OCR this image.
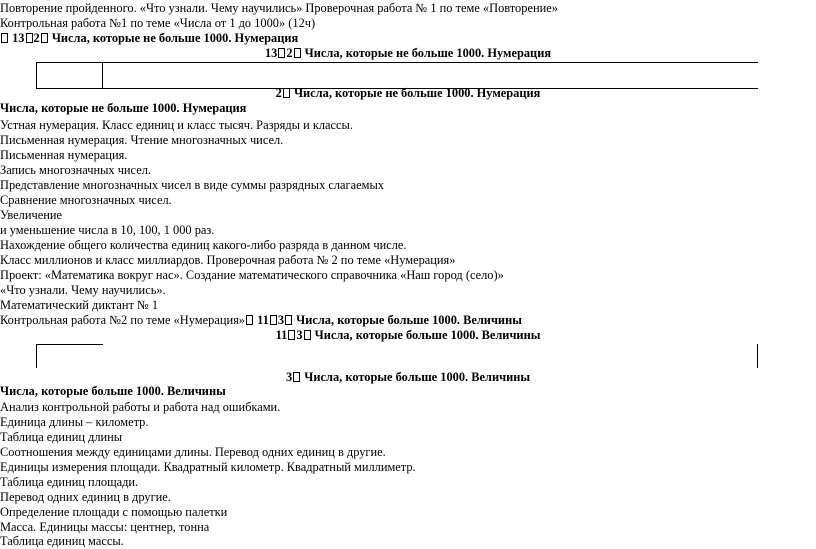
Повторение пройденного. «Что узнали. Чему научились» Проверочная работа № 1 по теме «Повторение»
Контрольная работа №1 по теме «Числа от 1 до 1000» (12ч)
13 2 Числа, которые не больше 1000. Нумерация
13 2 Числа, которые не больше 1000. Нумерация
2 Числа, которые не больше 1000. Нумерация
Числа, которые не больше 1000. Нумерация
Устная нумерация. Класс единиц и класс тысяч. Разряды и классы.
Письменная нумерация. Чтение многозначных чисел.
Письменная нумерация.
Запись многозначных чисел.
Представление многозначных чисел в виде суммы разрядных слагаемых
Сравнение многозначных чисел.
Увеличение
и уменьшение числа в 10, 100, 1 000 раз.
Нахождение общего количества единиц какого-либо разряда в данном числе.
Класс миллионов и класс миллиардов. Проверочная работа № 2 по теме «Нумерация»
Проект: «Математика вокруг нас». Создание математического справочника «Наш город (село)»
«Что узнали. Чему научились».
Математический диктант № 1
Контрольная работа №2 по теме «Нумерация» 11 3 Числа, которые больше 1000. Величины
11 3 Числа, которые больше 1000. Величины
3 Числа, которые больше 1000. Величины
Числа, которые больше 1000. Величины
Анализ контрольной работы и работа над ошибками.
Единица длины – километр.
Таблица единиц длины
Соотношения между единицами длины. Перевод одних единиц в другие.
Единицы измерения площади. Квадратный километр. Квадратный миллиметр.
Таблица единиц площади.
Перевод одних единиц в другие.
Определение площади с помощью палетки
Масса. Единицы массы: центнер, тонна
Таблица единиц массы.
